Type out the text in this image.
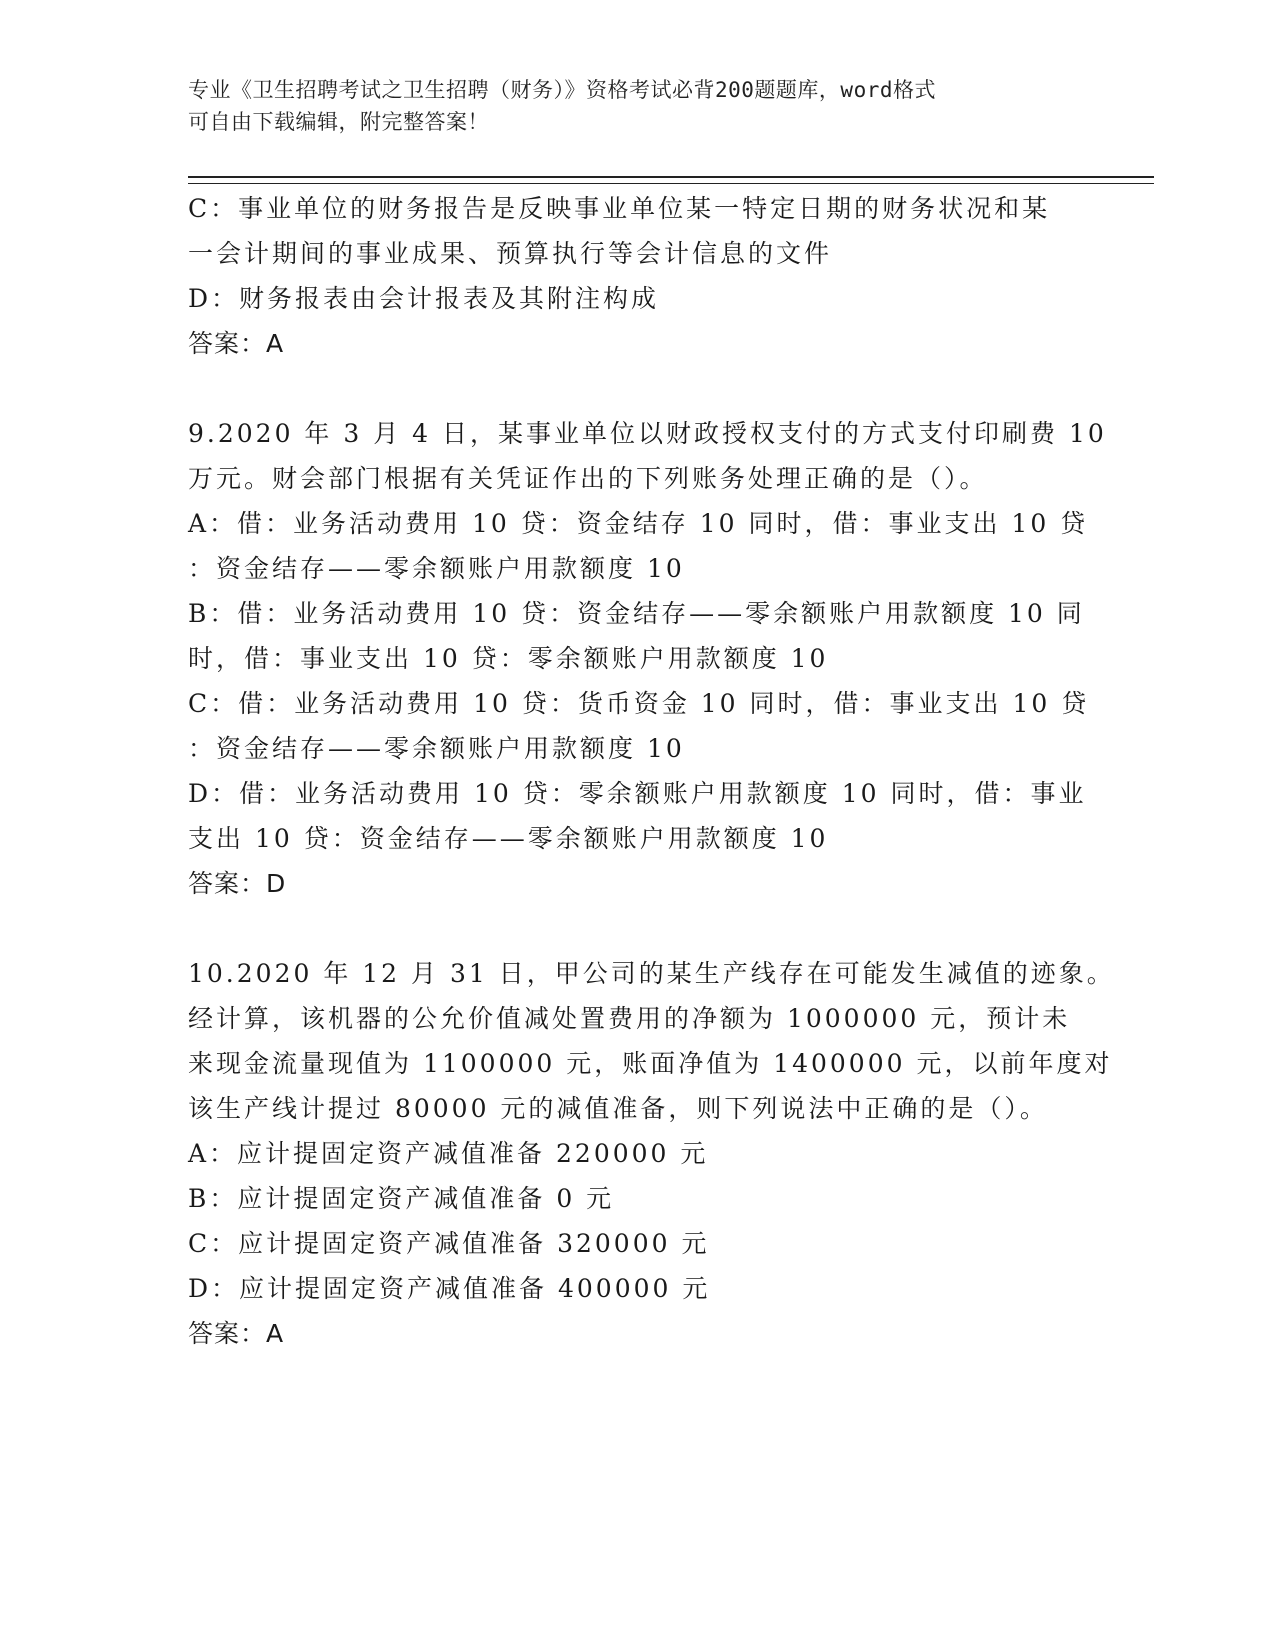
专业《卫生招聘考试之卫生招聘（财务）》资格考试必背200题题库，word格式
可自由下载编辑，附完整答案！
C：事业单位的财务报告是反映事业单位某一特定日期的财务状况和某
一会计期间的事业成果、预算执行等会计信息的文件
D：财务报表由会计报表及其附注构成
答案：A
9.2020 年 3 月 4 日，某事业单位以财政授权支付的方式支付印刷费 10
万元。财会部门根据有关凭证作出的下列账务处理正确的是（）。
A：借：业务活动费用 10 贷：资金结存 10 同时，借：事业支出 10 贷
：资金结存——零余额账户用款额度 10
B：借：业务活动费用 10 贷：资金结存——零余额账户用款额度 10 同
时，借：事业支出 10 贷：零余额账户用款额度 10
C：借：业务活动费用 10 贷：货币资金 10 同时，借：事业支出 10 贷
：资金结存——零余额账户用款额度 10
D：借：业务活动费用 10 贷：零余额账户用款额度 10 同时，借：事业
支出 10 贷：资金结存——零余额账户用款额度 10
答案：D
10.2020 年 12 月 31 日，甲公司的某生产线存在可能发生减值的迹象。
经计算，该机器的公允价值减处置费用的净额为 1000000 元，预计未
来现金流量现值为 1100000 元，账面净值为 1400000 元，以前年度对
该生产线计提过 80000 元的减值准备，则下列说法中正确的是（）。
A：应计提固定资产减值准备 220000 元
B：应计提固定资产减值准备 0 元
C：应计提固定资产减值准备 320000 元
D：应计提固定资产减值准备 400000 元
答案：A
